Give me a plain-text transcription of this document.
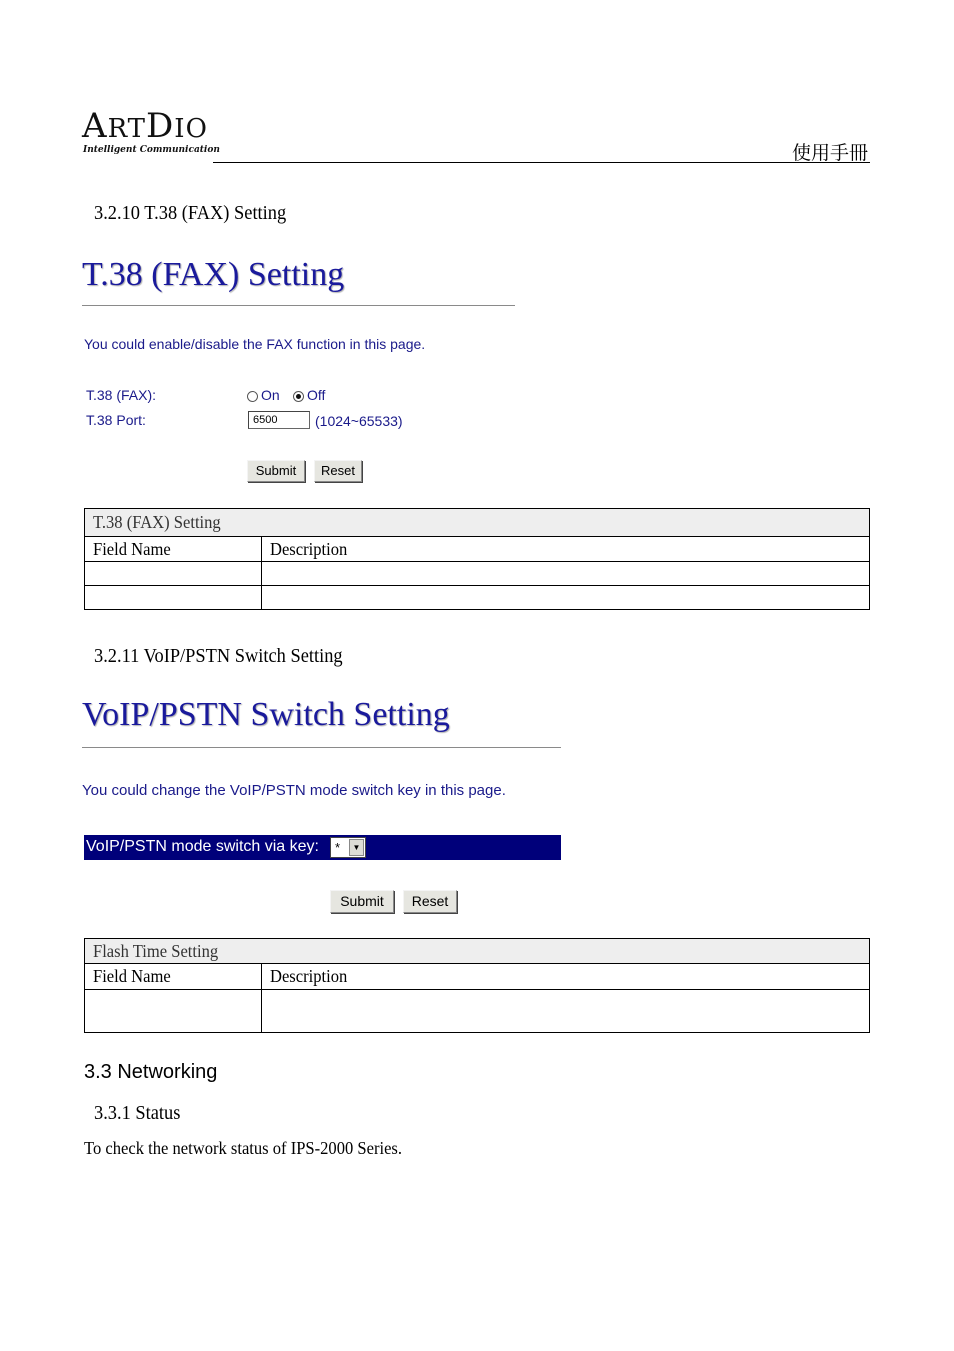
ARTDIO
Intelligent Communication	使用手冊
3.2.10 T.38 (FAX) Setting
T.38 (FAX) Setting
You could enable/disable the FAX function in this page.
T.38 (FAX):	On	Off
T.38 Port:
6500	(1024~65533)
Submit	Reset
T.38 (FAX) Setting	
Field Name	Description

3.2.11 VoIP/PSTN Switch Setting
VoIP/PSTN Switch Setting
You could change the VoIP/PSTN mode switch key in this page.
VoIP/PSTN mode switch via key: *	▼
Submit	Reset
Flash Time Setting	
Field Name	Description

3.3 Networking
3.3.1 Status
To check the network status of IPS-2000 Series.
